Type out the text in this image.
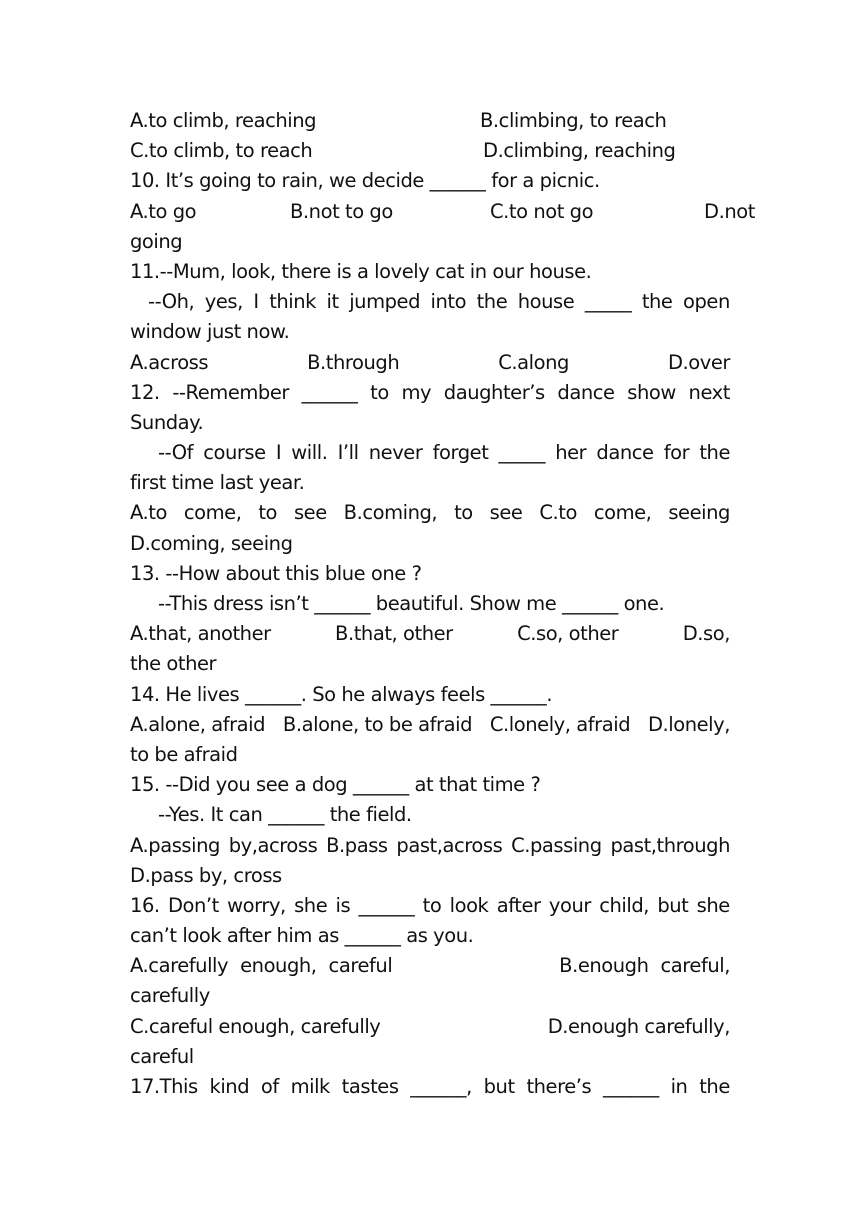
A.to climb, reaching	B.climbing, to reach
C.to climb, to reach	D.climbing, reaching
10. It’s going to rain, we decide ______ for a picnic.
A.to go	B.not to go	C.to not go	D.not
going
11.--Mum, look, there is a lovely cat in our house.
--Oh, yes, I think it jumped into the house _____ the open
window just now.
A.across	B.through	C.along	D.over
12. --Remember ______ to my daughter’s dance show next
Sunday.
--Of course I will. I’ll never forget _____ her dance for the
first time last year.
A.to come, to see B.coming, to see C.to come, seeing
D.coming, seeing
13. --How about this blue one ?
--This dress isn’t ______ beautiful. Show me ______ one.
A.that, another	B.that, other	C.so, other	D.so,
the other
14. He lives ______. So he always feels ______.
A.alone, afraid B.alone, to be afraid C.lonely, afraid D.lonely,
to be afraid
15. --Did you see a dog ______ at that time ?
--Yes. It can ______ the field.
A.passing by,across B.pass past,across C.passing past,through
D.pass by, cross
16. Don’t worry, she is ______ to look after your child, but she
can’t look after him as ______ as you.
A.carefully enough, careful	B.enough careful,
carefully
C.careful enough, carefully	D.enough carefully,
careful
17.This kind of milk tastes ______, but there’s ______ in the
